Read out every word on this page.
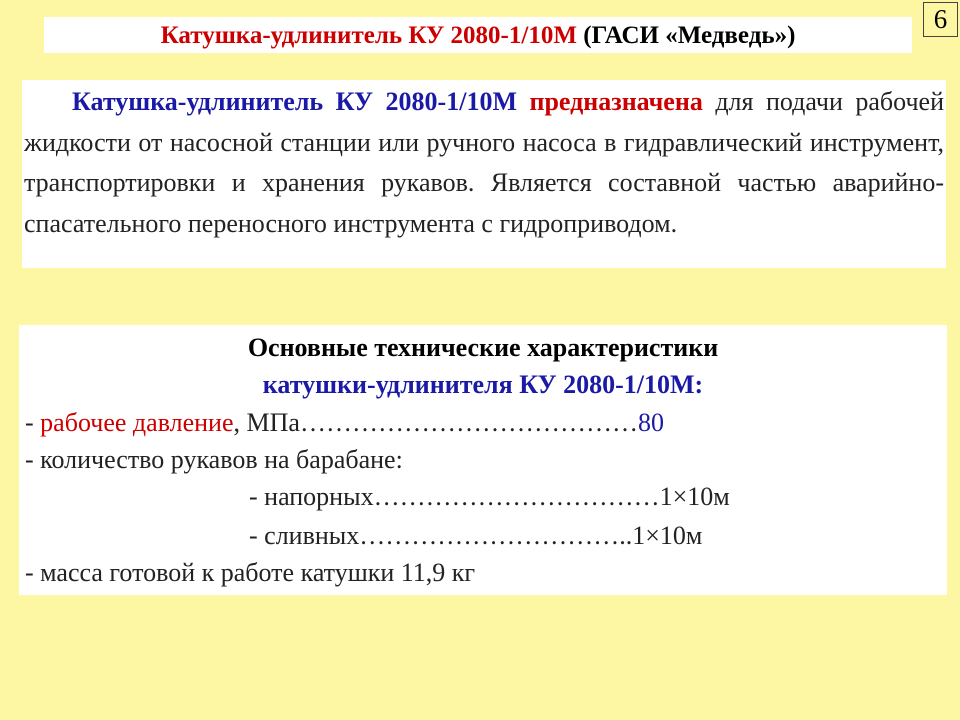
6
Катушка-удлинитель КУ 2080-1/10М (ГАСИ «Медведь»)

Катушка-удлинитель КУ 2080-1/10М предназначена для подачи рабочей жидкости от насосной станции или ручного насоса в гидравлический инструмент, транспортировки и хранения рукавов. Является составной частью аварийно-спасательного переносного инструмента с гидроприводом.

Основные технические характеристики
катушки-удлинителя КУ 2080-1/10М:
- рабочее давление, МПа…………………………………80
- количество рукавов на барабане:
- напорных……………………………1×10м
- сливных…………………………..1×10м
- масса готовой к работе катушки 11,9 кг
